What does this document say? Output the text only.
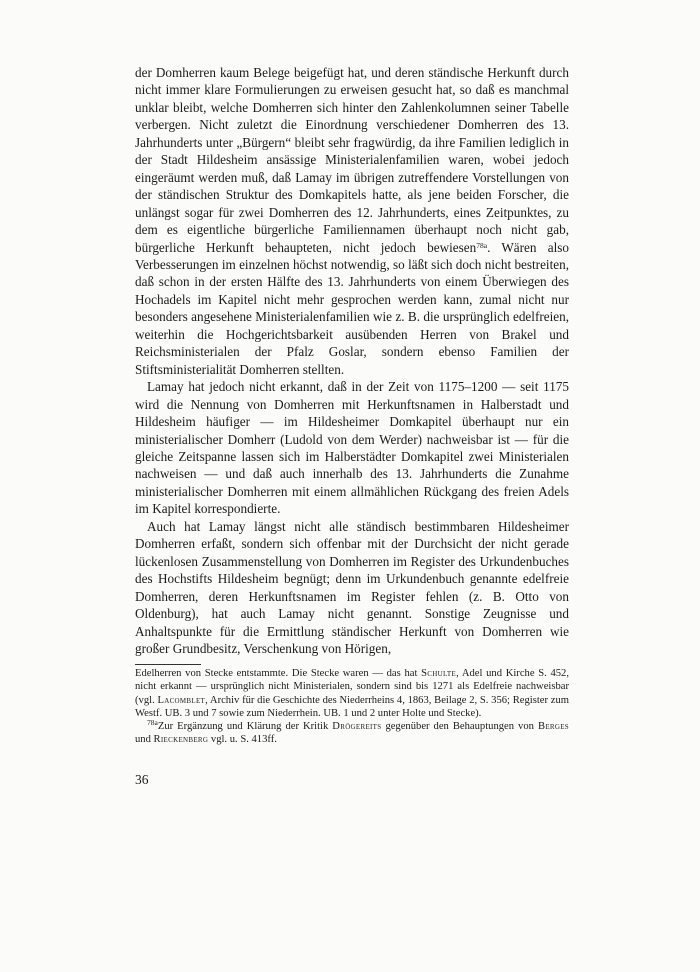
der Domherren kaum Belege beigefügt hat, und deren ständische Herkunft durch nicht immer klare Formulierungen zu erweisen gesucht hat, so daß es manchmal unklar bleibt, welche Domherren sich hinter den Zahlenkolumnen seiner Tabelle verbergen. Nicht zuletzt die Einordnung verschiedener Domherren des 13. Jahrhunderts unter „Bürgern“ bleibt sehr fragwürdig, da ihre Familien lediglich in der Stadt Hildesheim ansässige Ministerialenfamilien waren, wobei jedoch eingeräumt werden muß, daß Lamay im übrigen zutreffendere Vorstellungen von der ständischen Struktur des Domkapitels hatte, als jene beiden Forscher, die unlängst sogar für zwei Domherren des 12. Jahrhunderts, eines Zeitpunktes, zu dem es eigentliche bürgerliche Familiennamen überhaupt noch nicht gab, bürgerliche Herkunft behaupteten, nicht jedoch bewiesen$^{78a}$. Wären also Verbesserungen im einzelnen höchst notwendig, so läßt sich doch nicht bestreiten, daß schon in der ersten Hälfte des 13. Jahrhunderts von einem Überwiegen des Hochadels im Kapitel nicht mehr gesprochen werden kann, zumal nicht nur besonders angesehene Ministerialenfamilien wie z. B. die ursprünglich edelfreien, weiterhin die Hochgerichtsbarkeit ausübenden Herren von Brakel und Reichsministerialen der Pfalz Goslar, sondern ebenso Familien der Stiftsministerialität Domherren stellten.

Lamay hat jedoch nicht erkannt, daß in der Zeit von 1175–1200 — seit 1175 wird die Nennung von Domherren mit Herkunftsnamen in Halberstadt und Hildesheim häufiger — im Hildesheimer Domkapitel überhaupt nur ein ministerialischer Domherr (Ludold von dem Werder) nachweisbar ist — für die gleiche Zeitspanne lassen sich im Halberstädter Domkapitel zwei Ministerialen nachweisen — und daß auch innerhalb des 13. Jahrhunderts die Zunahme ministerialischer Domherren mit einem allmählichen Rückgang des freien Adels im Kapitel korrespondierte.

Auch hat Lamay längst nicht alle ständisch bestimmbaren Hildesheimer Domherren erfaßt, sondern sich offenbar mit der Durchsicht der nicht gerade lückenlosen Zusammenstellung von Domherren im Register des Urkundenbuches des Hochstifts Hildesheim begnügt; denn im Urkundenbuch genannte edelfreie Domherren, deren Herkunftsnamen im Register fehlen (z. B. Otto von Oldenburg), hat auch Lamay nicht genannt. Sonstige Zeugnisse und Anhaltspunkte für die Ermittlung ständischer Herkunft von Domherren wie großer Grundbesitz, Verschenkung von Hörigen,

Edelherren von Stecke entstammte. Die Stecke waren — das hat Schulte, Adel und Kirche S. 452, nicht erkannt — ursprünglich nicht Ministerialen, sondern sind bis 1271 als Edelfreie nachweisbar (vgl. Lacomblet, Archiv für die Geschichte des Niederrheins 4, 1863, Beilage 2, S. 356; Register zum Westf. UB. 3 und 7 sowie zum Niederrhein. UB. 1 und 2 unter Holte und Stecke).

$^{78a}$Zur Ergänzung und Klärung der Kritik Drögereits gegenüber den Behauptungen von Berges und Rieckenberg vgl. u. S. 413ff.

36
